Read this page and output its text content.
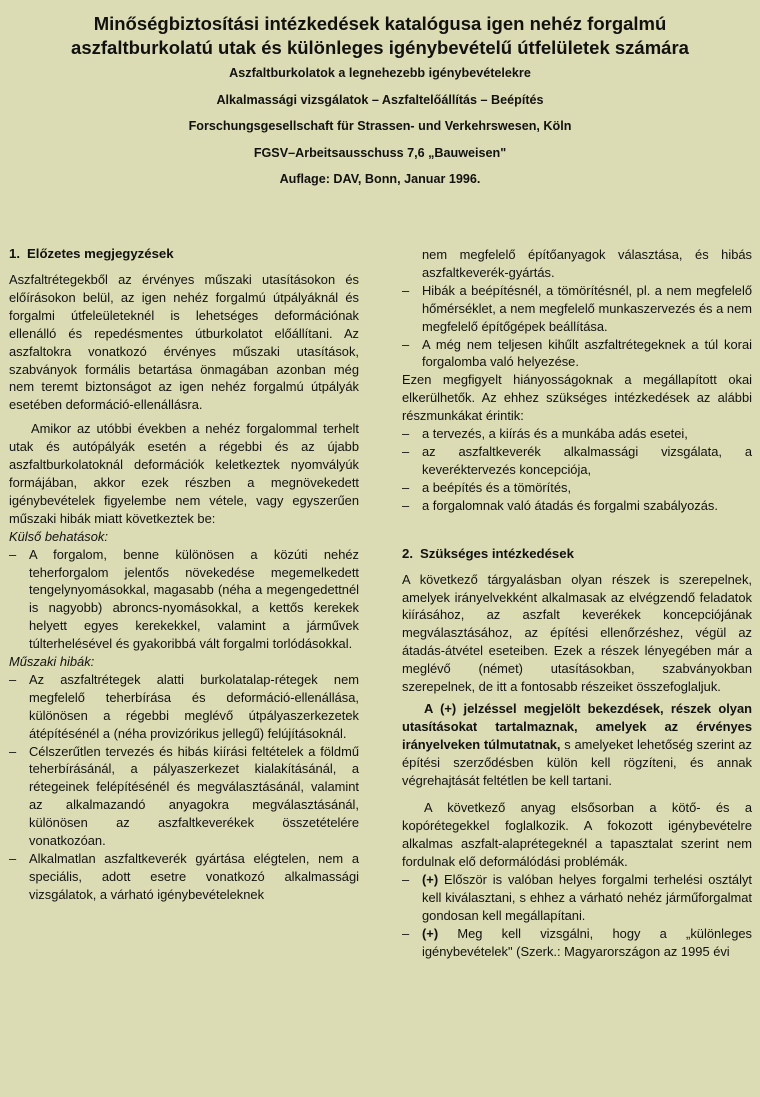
Minőségbiztosítási intézkedések katalógusa igen nehéz forgalmú
aszfaltburkolatú utak és különleges igénybevételű útfelületek számára
Aszfaltburkolatok a legnehezebb igénybevételekre
Alkalmassági vizsgálatok – Aszfaltelőállítás – Beépítés
Forschungsgesellschaft für Strassen- und Verkehrswesen, Köln
FGSV–Arbeitsausschuss 7,6 „Bauweisen"
Auflage: DAV, Bonn, Januar 1996.
1. Előzetes megjegyzések

Aszfaltrétegekből az érvényes műszaki utasításokon és előírásokon belül, az igen nehéz forgalmú útpályáknál és forgalmi útfeleületeknél is lehetséges deformációnak ellenálló és repedésmentes útburkolatot előállítani. Az aszfaltokra vonatkozó érvényes műszaki utasítások, szabványok formális betartása önmagában azonban még nem teremt biztonságot az igen nehéz forgalmú útpályák esetében deformáció-ellenállásra.

Amikor az utóbbi években a nehéz forgalommal terhelt utak és autópályák esetén a régebbi és az újabb aszfaltburkolatoknál deformációk keletkeztek nyomvályúk formájában, akkor ezek részben a megnövekedett igénybevételek figyelembe nem vétele, vagy egyszerűen műszaki hibák miatt következtek be:

Külső behatások:

– A forgalom, benne különösen a közúti nehéz teherforgalom jelentős növekedése megemelkedett tengelynyomásokkal, magasabb (néha a megengedettnél is nagyobb) abroncs-nyomásokkal, a kettős kerekek helyett egyes kerekekkel, valamint a járművek túlterhelésével és gyakoribbá vált forgalmi torlódásokkal.

Műszaki hibák:

– Az aszfaltrétegek alatti burkolatalap-rétegek nem megfelelő teherbírása és deformáció-ellenállása, különösen a régebbi meglévő útpályaszerkezetek átépítésénél a (néha provizórikus jellegű) felújításoknál.

– Célszerűtlen tervezés és hibás kiírási feltételek a földmű teherbírásánál, a pályaszerkezet kialakításánál, a rétegeinek felépítésénél és megválasztásánál, valamint az alkalmazandó anyagokra megválasztásánál, különösen az aszfaltkeverékek összetételére vonatkozóan.

– Alkalmatlan aszfaltkeverék gyártása elégtelen, nem a speciális, adott esetre vonatkozó alkalmassági vizsgálatok, a várható igénybevételeknek

nem megfelelő építőanyagok választása, és hibás aszfaltkeverék-gyártás.

– Hibák a beépítésnél, a tömörítésnél, pl. a nem megfelelő hőmérséklet, a nem megfelelő munkaszervezés és a nem megfelelő építőgépek beállítása.

– A még nem teljesen kihűlt aszfaltrétegeknek a túl korai forgalomba való helyezése.

Ezen megfigyelt hiányosságoknak a megállapított okai elkerülhetők. Az ehhez szükséges intézkedések az alábbi részmunkákat érintik:

– a tervezés, a kiírás és a munkába adás esetei,

– az aszfaltkeverék alkalmassági vizsgálata, a keveréktervezés koncepciója,

– a beépítés és a tömörítés,

– a forgalomnak való átadás és forgalmi szabályozás.

2. Szükséges intézkedések

A következő tárgyalásban olyan részek is szerepelnek, amelyek irányelvekként alkalmasak az elvégzendő feladatok kiírásához, az aszfalt keverékek koncepciójának megválasztásához, az építési ellenőrzéshez, végül az átadás-átvétel eseteiben. Ezek a részek lényegében már a meglévő (német) utasításokban, szabványokban szerepelnek, de itt a fontosabb részeiket összefoglaljuk.

A (+) jelzéssel megjelölt bekezdések, részek olyan utasításokat tartalmaznak, amelyek az érvényes irányelveken túlmutatnak, s amelyeket lehetőség szerint az építési szerződésben külön kell rögzíteni, és annak végrehajtását feltétlen be kell tartani.

A következő anyag elsősorban a kötő- és a kopórétegekkel foglalkozik. A fokozott igénybevételre alkalmas aszfalt-alaprétegeknél a tapasztalat szerint nem fordulnak elő deformálódási problémák.

– (+) Először is valóban helyes forgalmi terhelési osztályt kell kiválasztani, s ehhez a várható nehéz járműforgalmat gondosan kell megállapítani.

– (+) Meg kell vizsgálni, hogy a „különleges igénybevételek" (Szerk.: Magyarországon az 1995 évi
